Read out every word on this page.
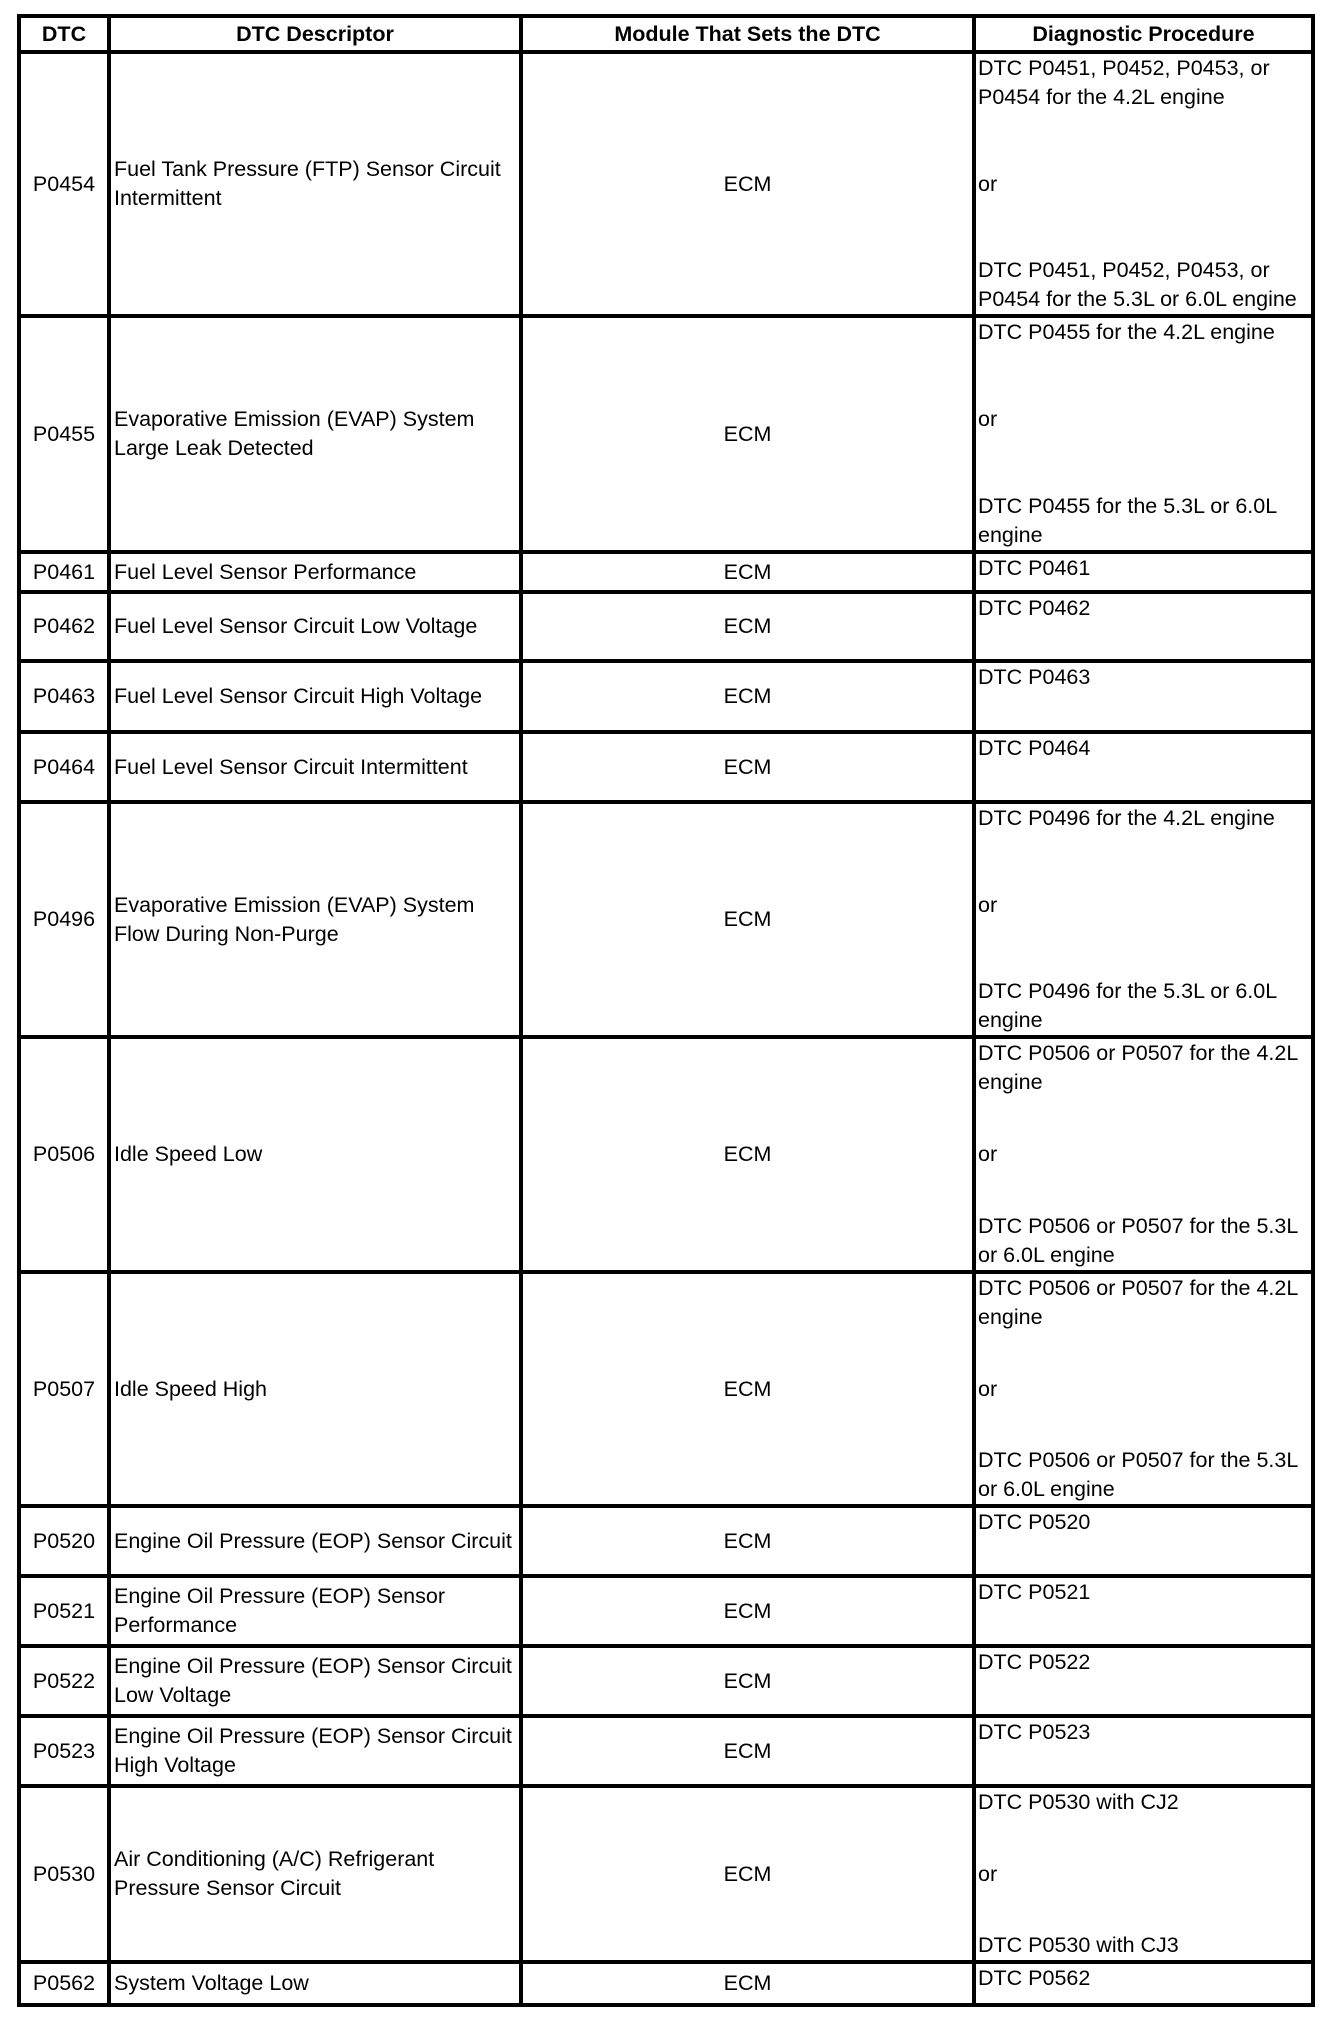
DTC	DTC Descriptor	Module That Sets the DTC	Diagnostic Procedure
P0454	Fuel Tank Pressure (FTP) Sensor Circuit Intermittent	ECM	DTC P0451, P0452, P0453, or P0454 for the 4.2L engine
or
DTC P0451, P0452, P0453, or P0454 for the 5.3L or 6.0L engine

P0455	Evaporative Emission (EVAP) System Large Leak Detected	ECM	DTC P0455 for the 4.2L engine
or
DTC P0455 for the 5.3L or 6.0L engine

P0461	Fuel Level Sensor Performance	ECM	DTC P0461

P0462	Fuel Level Sensor Circuit Low Voltage	ECM	DTC P0462

P0463	Fuel Level Sensor Circuit High Voltage	ECM	DTC P0463

P0464	Fuel Level Sensor Circuit Intermittent	ECM	DTC P0464

P0496	Evaporative Emission (EVAP) System Flow During Non-Purge	ECM	DTC P0496 for the 4.2L engine
or
DTC P0496 for the 5.3L or 6.0L engine

P0506	Idle Speed Low	ECM	DTC P0506 or P0507 for the 4.2L engine
or
DTC P0506 or P0507 for the 5.3L or 6.0L engine

P0507	Idle Speed High	ECM	DTC P0506 or P0507 for the 4.2L engine
or
DTC P0506 or P0507 for the 5.3L or 6.0L engine

P0520	Engine Oil Pressure (EOP) Sensor Circuit	ECM	DTC P0520

P0521	Engine Oil Pressure (EOP) Sensor Performance	ECM	DTC P0521

P0522	Engine Oil Pressure (EOP) Sensor Circuit Low Voltage	ECM	DTC P0522

P0523	Engine Oil Pressure (EOP) Sensor Circuit High Voltage	ECM	DTC P0523

P0530	Air Conditioning (A/C) Refrigerant Pressure Sensor Circuit	ECM	DTC P0530 with CJ2
or
DTC P0530 with CJ3

P0562	System Voltage Low	ECM	DTC P0562
